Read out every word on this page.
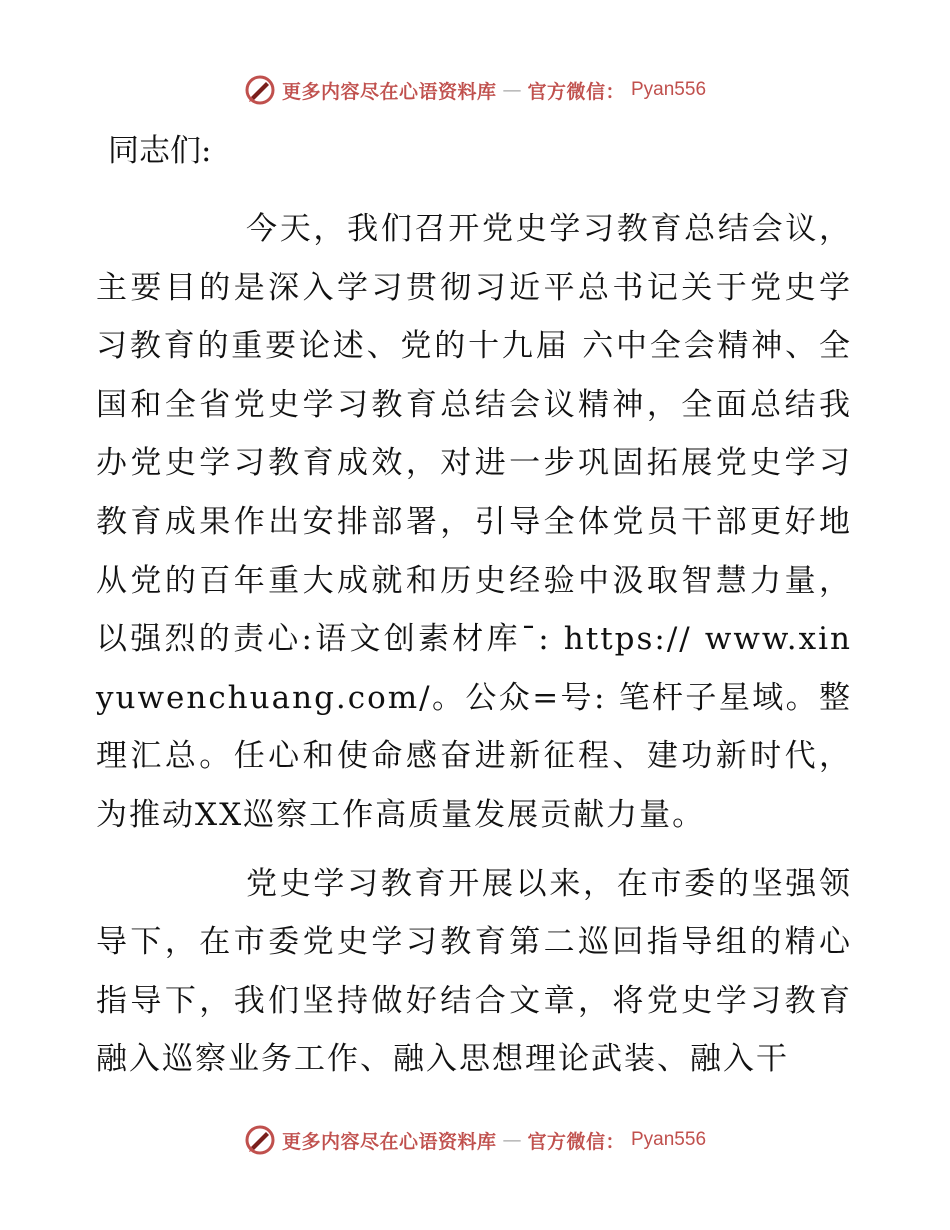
更多内容尽在心语资料库 — 官方微信： Pyan556
同志们:

今天，我们召开党史学习教育总结会议，主要目的是深入学习贯彻习近平总书记关于党史学习教育的重要论述、党的十九届 六中全会精神、全国和全省党史学习教育总结会议精神，全面总结我办党史学习教育成效，对进一步巩固拓展党史学习教育成果作出安排部署，引导全体党员干部更好地从党的百年重大成就和历史经验中汲取智慧力量，以强烈的责心:语文创素材库¯: https:// www.xinyuwenchuang.com/。公众=号: 笔杆子星域。整理汇总。任心和使命感奋进新征程、建功新时代，为推动XX巡察工作高质量发展贡献力量。

党史学习教育开展以来，在市委的坚强领导下，在市委党史学习教育第二巡回指导组的精心指导下，我们坚持做好结合文章，将党史学习教育融入巡察业务工作、融入思想理论武装、融入干

更多内容尽在心语资料库 — 官方微信： Pyan556
